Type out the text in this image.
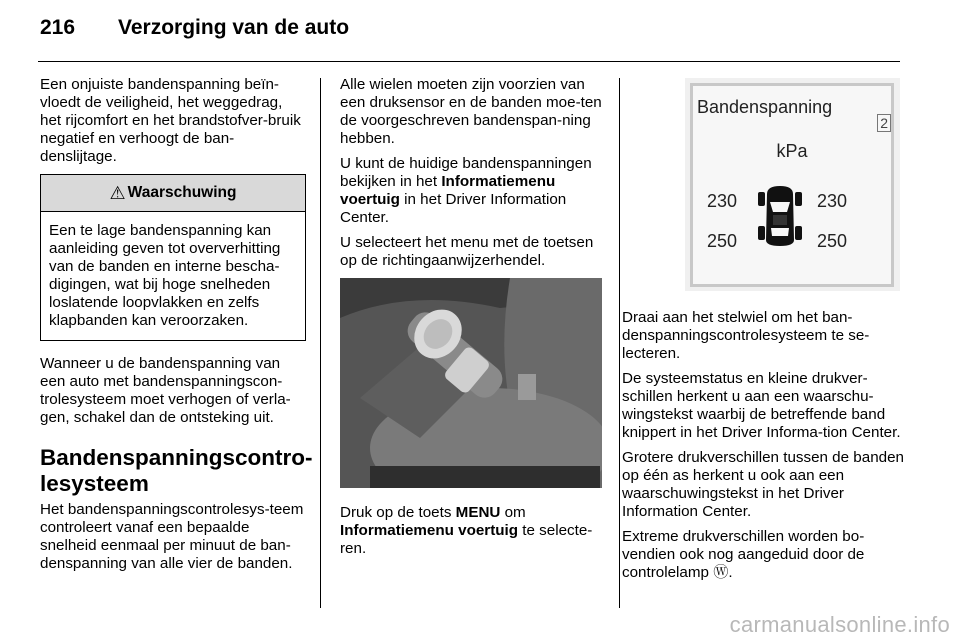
216	Verzorging van de auto

Een onjuiste bandenspanning beïn-vloedt de veiligheid, het weggedrag, het rijcomfort en het brandstofver-bruik negatief en verhoogt de ban-denslijtage.

⚠ Waarschuwing
Een te lage bandenspanning kan aanleiding geven tot oververhitting van de banden en interne bescha-digingen, wat bij hoge snelheden loslatende loopvlakken en zelfs klapbanden kan veroorzaken.

Wanneer u de bandenspanning van een auto met bandenspanningscon-trolesysteem moet verhogen of verla-gen, schakel dan de ontsteking uit.

Bandenspanningscontro-lesysteem

Het bandenspanningscontrolesys-teem controleert vanaf een bepaalde snelheid eenmaal per minuut de ban-denspanning van alle vier de banden.

Alle wielen moeten zijn voorzien van een druksensor en de banden moe-ten de voorgeschreven bandenspan-ning hebben.

U kunt de huidige bandenspanningen bekijken in het Informatiemenu voertuig in het Driver Information Center.

U selecteert het menu met de toetsen op de richtingaanwijzerhendel.

Druk op de toets MENU om Informatiemenu voertuig te selecte-ren.

Bandenspanning
2
kPa
230	230
250	250

Draai aan het stelwiel om het ban-denspanningscontrolesysteem te se-lecteren.

De systeemstatus en kleine drukver-schillen herkent u aan een waarschu-wingstekst waarbij de betreffende band knippert in het Driver Informa-tion Center.

Grotere drukverschillen tussen de banden op één as herkent u ook aan een waarschuwingstekst in het Driver Information Center.

Extreme drukverschillen worden bo-vendien ook nog aangeduid door de controlelamp Ⓦ.

carmanualsonline.info
